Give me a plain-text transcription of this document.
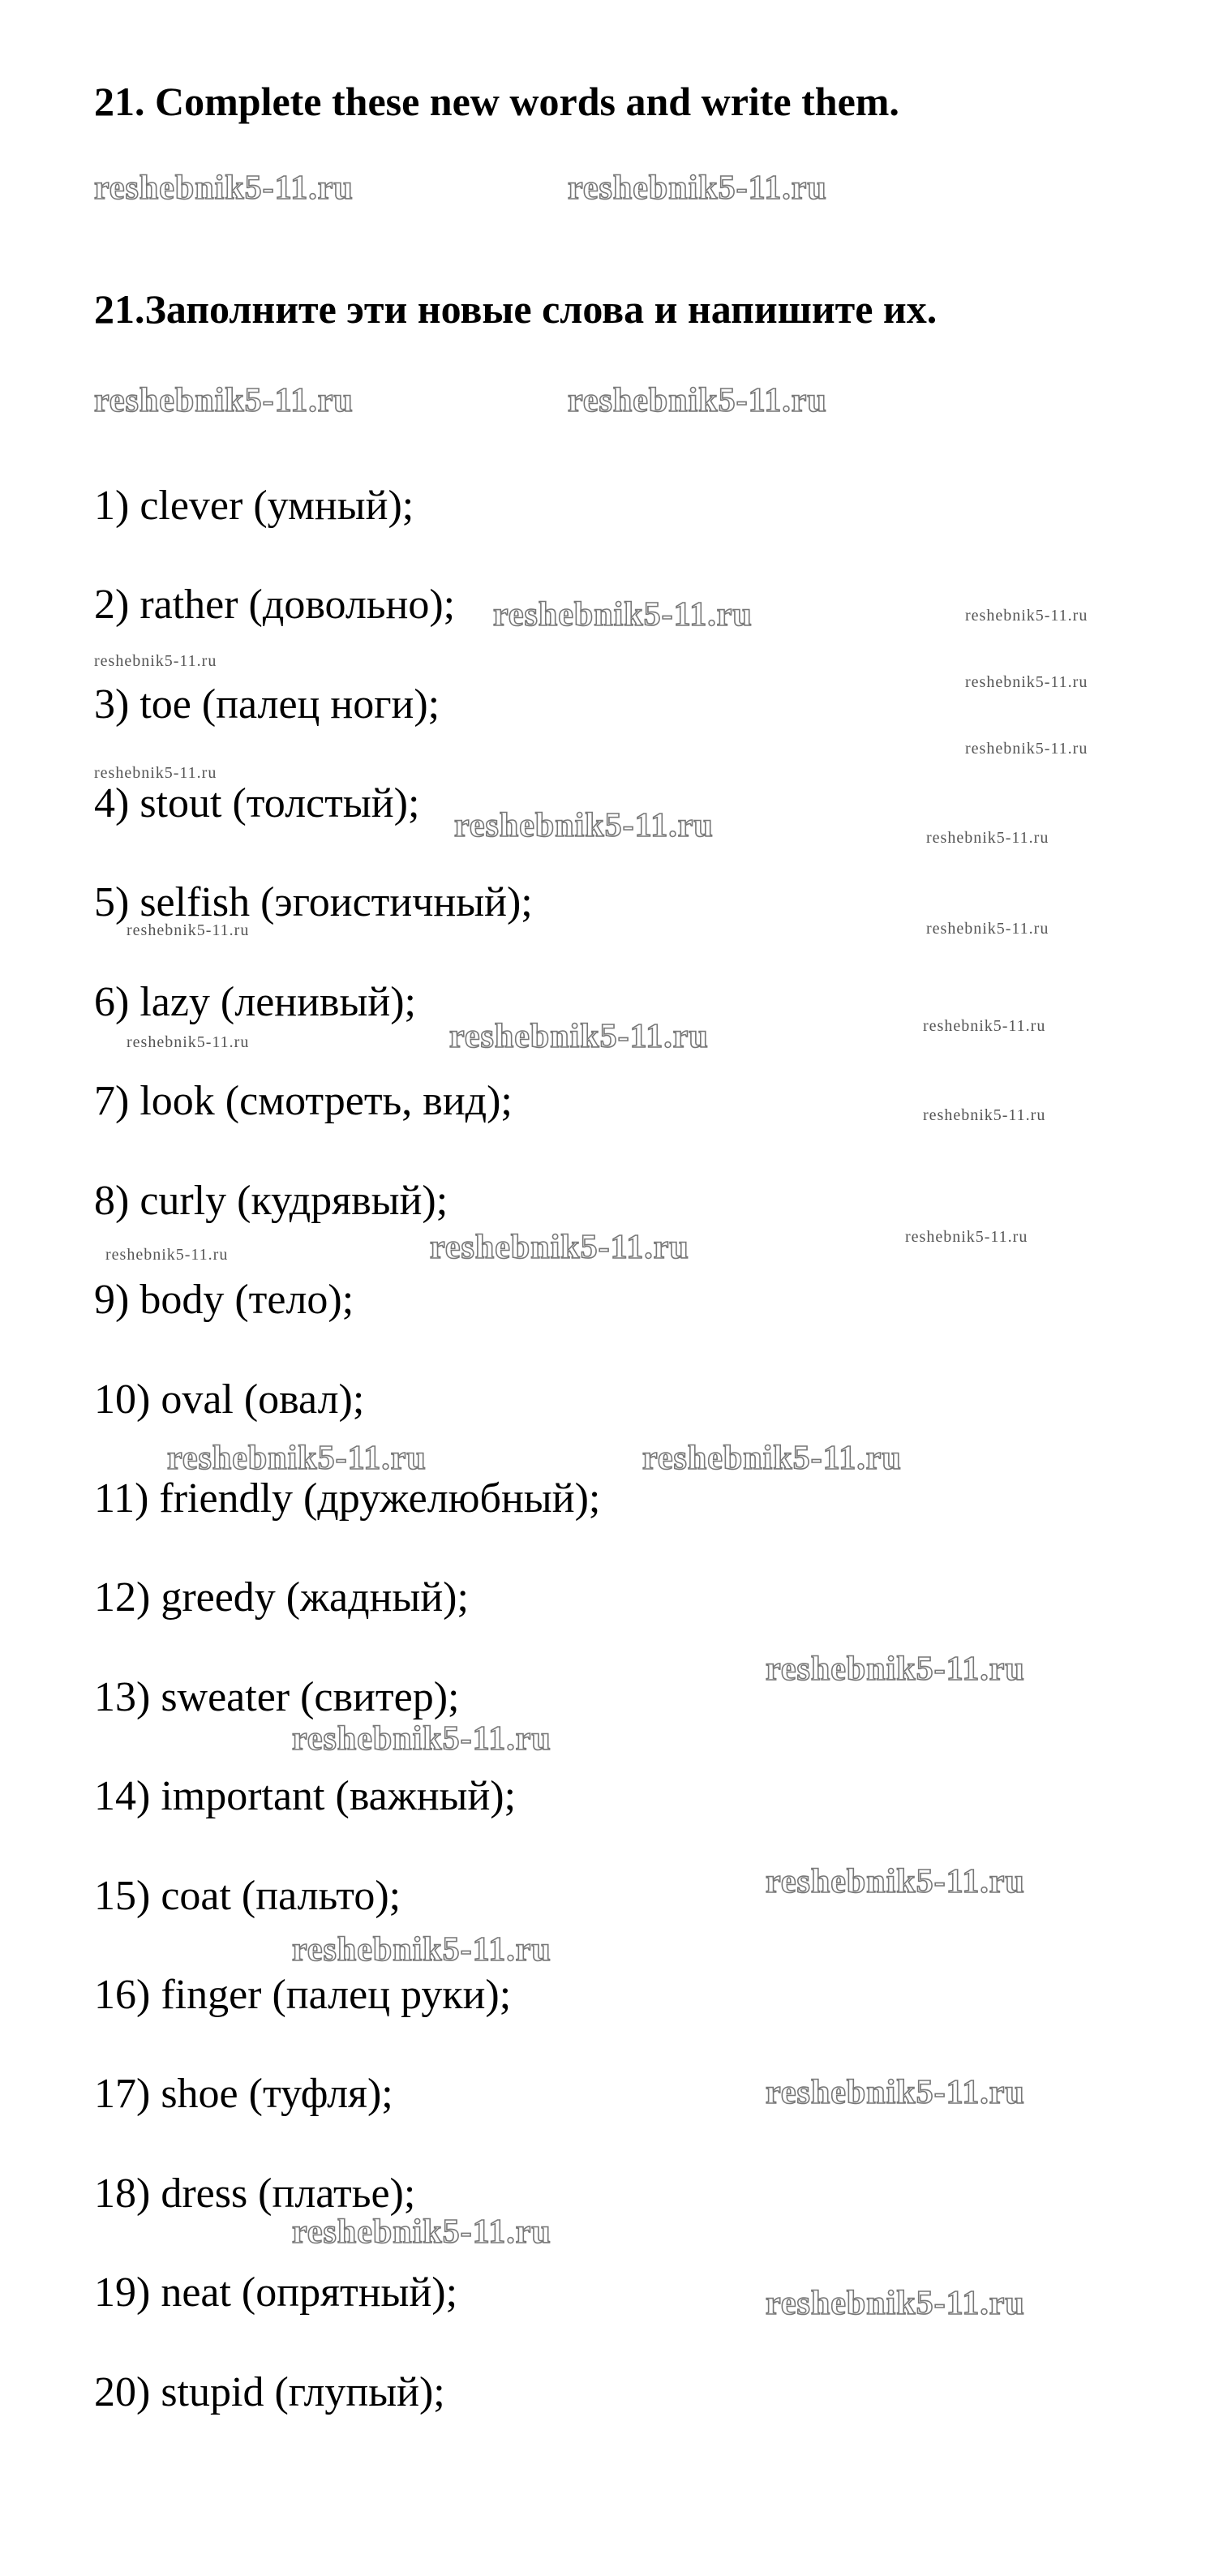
21. Complete these new words and write them.
21.Заполните эти новые слова и напишите их.
1) clever (умный);
2) rather (довольно);
3) toe (палец ноги);
4) stout (толстый);
5) selfish (эгоистичный);
6) lazy (ленивый);
7) look (смотреть, вид);
8) curly (кудрявый);
9) body (тело);
10) oval (овал);
11) friendly (дружелюбный);
12) greedy (жадный);
13) sweater (свитер);
14) important (важный);
15) coat (пальто);
16) finger (палец руки);
17) shoe (туфля);
18) dress (платье);
19) neat (опрятный);
20) stupid (глупый);
reshebnik5-11.ru	reshebnik5-11.ru
reshebnik5-11.ru	reshebnik5-11.ru
reshebnik5-11.ru	reshebnik5-11.ru
reshebnik5-11.ru
reshebnik5-11.ru
reshebnik5-11.ru
reshebnik5-11.ru
reshebnik5-11.ru	reshebnik5-11.ru
reshebnik5-11.ru	reshebnik5-11.ru
reshebnik5-11.ru	reshebnik5-11.ru
reshebnik5-11.ru
reshebnik5-11.ru
reshebnik5-11.ru	reshebnik5-11.ru
reshebnik5-11.ru
reshebnik5-11.ru	reshebnik5-11.ru
reshebnik5-11.ru
reshebnik5-11.ru
reshebnik5-11.ru
reshebnik5-11.ru
reshebnik5-11.ru
reshebnik5-11.ru
reshebnik5-11.ru
